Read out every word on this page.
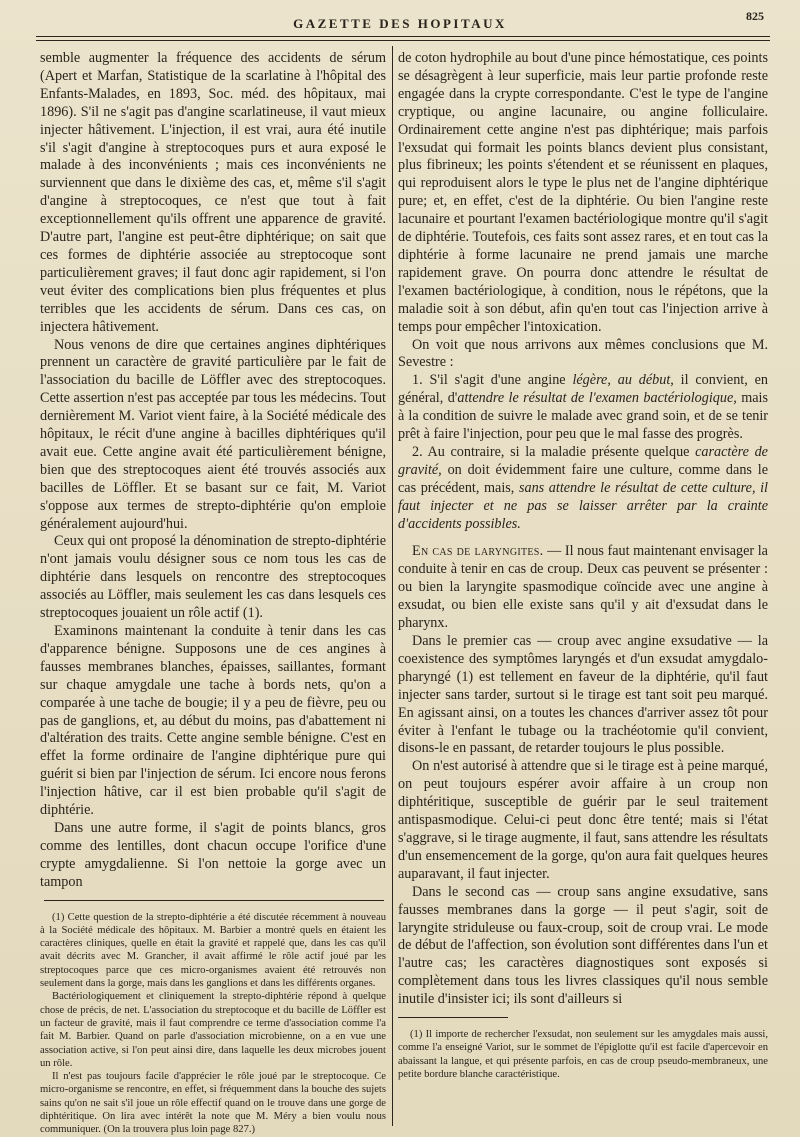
GAZETTE DES HOPITAUX	825

semble augmenter la fréquence des accidents de sérum (Apert et Marfan, Statistique de la scarlatine à l'hôpital des Enfants-Malades, en 1893, Soc. méd. des hôpitaux, mai 1896). S'il ne s'agit pas d'angine scarlatineuse, il vaut mieux injecter hâtivement. L'injection, il est vrai, aura été inutile s'il s'agit d'angine à streptocoques purs et aura exposé le malade à des inconvénients ; mais ces inconvénients ne surviennent que dans le dixième des cas, et, même s'il s'agit d'angine à streptocoques, ce n'est que tout à fait exceptionnellement qu'ils offrent une apparence de gravité. D'autre part, l'angine est peut-être diphtérique; on sait que ces formes de diphtérie associée au streptocoque sont particulièrement graves; il faut donc agir rapidement, si l'on veut éviter des complications bien plus fréquentes et plus terribles que les accidents de sérum. Dans ces cas, on injectera hâtivement.

Nous venons de dire que certaines angines diphtériques prennent un caractère de gravité particulière par le fait de l'association du bacille de Löffler avec des streptocoques. Cette assertion n'est pas acceptée par tous les médecins. Tout dernièrement M. Variot vient faire, à la Société médicale des hôpitaux, le récit d'une angine à bacilles diphtériques qu'il avait eue. Cette angine avait été particulièrement bénigne, bien que des streptocoques aient été trouvés associés aux bacilles de Löffler. Et se basant sur ce fait, M. Variot s'oppose aux termes de strepto-diphtérie qu'on emploie généralement aujourd'hui.

Ceux qui ont proposé la dénomination de strepto-diphtérie n'ont jamais voulu désigner sous ce nom tous les cas de diphtérie dans lesquels on rencontre des streptocoques associés au Löffler, mais seulement les cas dans lesquels ces streptocoques jouaient un rôle actif (1).

Examinons maintenant la conduite à tenir dans les cas d'apparence bénigne. Supposons une de ces angines à fausses membranes blanches, épaisses, saillantes, formant sur chaque amygdale une tache à bords nets, qu'on a comparée à une tache de bougie; il y a peu de fièvre, peu ou pas de ganglions, et, au début du moins, pas d'abattement ni d'altération des traits. Cette angine semble bénigne. C'est en effet la forme ordinaire de l'angine diphtérique pure qui guérit si bien par l'injection de sérum. Ici encore nous ferons l'injection hâtive, car il est bien probable qu'il s'agit de diphtérie.

Dans une autre forme, il s'agit de points blancs, gros comme des lentilles, dont chacun occupe l'orifice d'une crypte amygdalienne. Si l'on nettoie la gorge avec un tampon

(1) Cette question de la strepto-diphtérie a été discutée récemment à nouveau à la Société médicale des hôpitaux. M. Barbier a montré quels en étaient les caractères cliniques, quelle en était la gravité et rappelé que, dans les cas qu'il avait décrits avec M. Grancher, il avait affirmé le rôle actif joué par les streptocoques parce que ces micro-organismes avaient été retrouvés non seulement dans la gorge, mais dans les ganglions et dans les différents organes.

Bactériologiquement et cliniquement la strepto-diphtérie répond à quelque chose de précis, de net. L'association du streptocoque et du bacille de Löffler est un facteur de gravité, mais il faut comprendre ce terme d'association comme l'a fait M. Barbier. Quand on parle d'association microbienne, on a en vue une association active, si l'on peut ainsi dire, dans laquelle les deux microbes jouent un rôle.

Il n'est pas toujours facile d'apprécier le rôle joué par le streptocoque. Ce micro-organisme se rencontre, en effet, si fréquemment dans la bouche des sujets sains qu'on ne sait s'il joue un rôle effectif quand on le trouve dans une gorge de diphtéritique. On lira avec intérêt la note que M. Méry a bien voulu nous communiquer. (On la trouvera plus loin page 827.)

de coton hydrophile au bout d'une pince hémostatique, ces points se désagrègent à leur superficie, mais leur partie profonde reste engagée dans la crypte correspondante. C'est le type de l'angine cryptique, ou angine lacunaire, ou angine folliculaire. Ordinairement cette angine n'est pas diphtérique; mais parfois l'exsudat qui formait les points blancs devient plus consistant, plus fibrineux; les points s'étendent et se réunissent en plaques, qui reproduisent alors le type le plus net de l'angine diphtérique pure; et, en effet, c'est de la diphtérie. Ou bien l'angine reste lacunaire et pourtant l'examen bactériologique montre qu'il s'agit de diphtérie. Toutefois, ces faits sont assez rares, et en tout cas la diphtérie à forme lacunaire ne prend jamais une marche rapidement grave. On pourra donc attendre le résultat de l'examen bactériologique, à condition, nous le répétons, que la maladie soit à son début, afin qu'en tout cas l'injection arrive à temps pour empêcher l'intoxication.

On voit que nous arrivons aux mêmes conclusions que M. Sevestre :

1. S'il s'agit d'une angine légère, au début, il convient, en général, d'attendre le résultat de l'examen bactériologique, mais à la condition de suivre le malade avec grand soin, et de se tenir prêt à faire l'injection, pour peu que le mal fasse des progrès.

2. Au contraire, si la maladie présente quelque caractère de gravité, on doit évidemment faire une culture, comme dans le cas précédent, mais, sans attendre le résultat de cette culture, il faut injecter et ne pas se laisser arrêter par la crainte d'accidents possibles.

En cas de laryngites. — Il nous faut maintenant envisager la conduite à tenir en cas de croup. Deux cas peuvent se présenter : ou bien la laryngite spasmodique coïncide avec une angine à exsudat, ou bien elle existe sans qu'il y ait d'exsudat dans le pharynx.

Dans le premier cas — croup avec angine exsudative — la coexistence des symptômes laryngés et d'un exsudat amygdalo-pharyngé (1) est tellement en faveur de la diphtérie, qu'il faut injecter sans tarder, surtout si le tirage est tant soit peu marqué. En agissant ainsi, on a toutes les chances d'arriver assez tôt pour éviter à l'enfant le tubage ou la trachéotomie qu'il convient, disons-le en passant, de retarder toujours le plus possible.

On n'est autorisé à attendre que si le tirage est à peine marqué, on peut toujours espérer avoir affaire à un croup non diphtéritique, susceptible de guérir par le seul traitement antispasmodique. Celui-ci peut donc être tenté; mais si l'état s'aggrave, si le tirage augmente, il faut, sans attendre les résultats d'un ensemencement de la gorge, qu'on aura fait quelques heures auparavant, il faut injecter.

Dans le second cas — croup sans angine exsudative, sans fausses membranes dans la gorge — il peut s'agir, soit de laryngite striduleuse ou faux-croup, soit de croup vrai. Le mode de début de l'affection, son évolution sont différentes dans l'un et l'autre cas; les caractères diagnostiques sont exposés si complètement dans tous les livres classiques qu'il nous semble inutile d'insister ici; ils sont d'ailleurs si

(1) Il importe de rechercher l'exsudat, non seulement sur les amygdales mais aussi, comme l'a enseigné Variot, sur le sommet de l'épiglotte qu'il est facile d'apercevoir en abaissant la langue, et qui présente parfois, en cas de croup pseudo-membraneux, une petite bordure blanche caractéristique.
